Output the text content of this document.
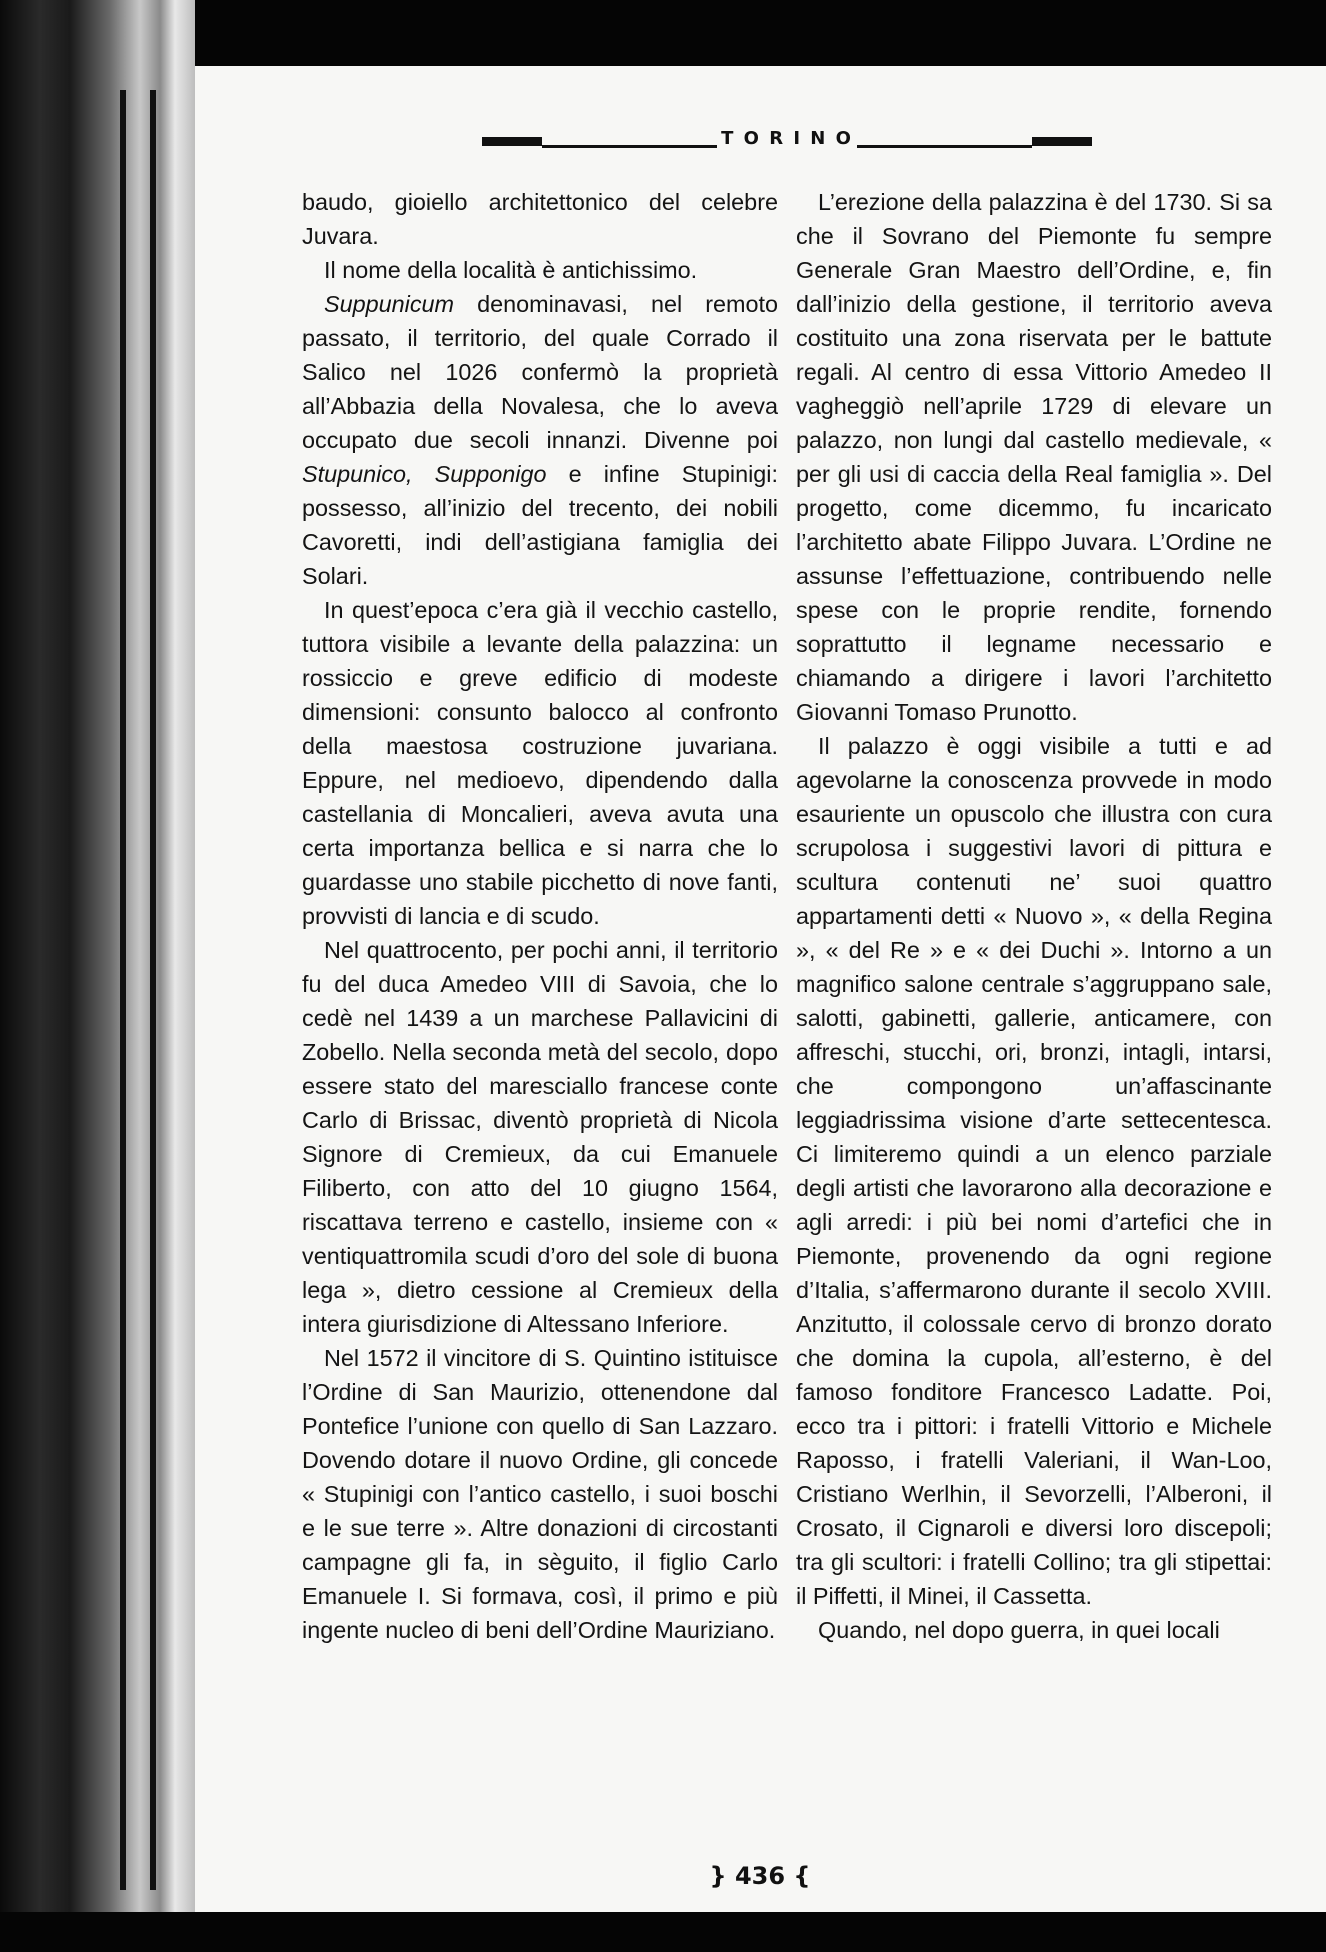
T O R I N O

baudo, gioiello architettonico del celebre Juvara.

Il nome della località è antichissimo.

Suppunicum denominavasi, nel remoto passato, il territorio, del quale Corrado il Salico nel 1026 confermò la proprietà all’Abbazia della Novalesa, che lo aveva occupato due secoli innanzi. Divenne poi Stupunico, Supponigo e infine Stupinigi: possesso, all’inizio del trecento, dei nobili Cavoretti, indi dell’astigiana famiglia dei Solari.

In quest’epoca c’era già il vecchio castello, tuttora visibile a levante della palazzina: un rossiccio e greve edificio di modeste dimensioni: consunto balocco al confronto della maestosa costruzione juvariana. Eppure, nel medioevo, dipendendo dalla castellania di Moncalieri, aveva avuta una certa importanza bellica e si narra che lo guardasse uno stabile picchetto di nove fanti, provvisti di lancia e di scudo.

Nel quattrocento, per pochi anni, il territorio fu del duca Amedeo VIII di Savoia, che lo cedè nel 1439 a un marchese Pallavicini di Zobello. Nella seconda metà del secolo, dopo essere stato del maresciallo francese conte Carlo di Brissac, diventò proprietà di Nicola Signore di Cremieux, da cui Emanuele Filiberto, con atto del 10 giugno 1564, riscattava terreno e castello, insieme con « ventiquattromila scudi d’oro del sole di buona lega », dietro cessione al Cremieux della intera giurisdizione di Altessano Inferiore.

Nel 1572 il vincitore di S. Quintino istituisce l’Ordine di San Maurizio, ottenendone dal Pontefice l’unione con quello di San Lazzaro. Dovendo dotare il nuovo Ordine, gli concede « Stupinigi con l’antico castello, i suoi boschi e le sue terre ». Altre donazioni di circostanti campagne gli fa, in sèguito, il figlio Carlo Emanuele I. Si formava, così, il primo e più ingente nucleo di beni dell’Ordine Mauriziano.

L’erezione della palazzina è del 1730. Si sa che il Sovrano del Piemonte fu sempre Generale Gran Maestro dell’Ordine, e, fin dall’inizio della gestione, il territorio aveva costituito una zona riservata per le battute regali. Al centro di essa Vittorio Amedeo II vagheggiò nell’aprile 1729 di elevare un palazzo, non lungi dal castello medievale, « per gli usi di caccia della Real famiglia ». Del progetto, come dicemmo, fu incaricato l’architetto abate Filippo Juvara. L’Ordine ne assunse l’effettuazione, contribuendo nelle spese con le proprie rendite, fornendo soprattutto il legname necessario e chiamando a dirigere i lavori l’architetto Giovanni Tomaso Prunotto.

Il palazzo è oggi visibile a tutti e ad agevolarne la conoscenza provvede in modo esauriente un opuscolo che illustra con cura scrupolosa i suggestivi lavori di pittura e scultura contenuti ne’ suoi quattro appartamenti detti « Nuovo », « della Regina », « del Re » e « dei Duchi ». Intorno a un magnifico salone centrale s’aggruppano sale, salotti, gabinetti, gallerie, anticamere, con affreschi, stucchi, ori, bronzi, intagli, intarsi, che compongono un’affascinante leggiadrissima visione d’arte settecentesca. Ci limiteremo quindi a un elenco parziale degli artisti che lavorarono alla decorazione e agli arredi: i più bei nomi d’artefici che in Piemonte, provenendo da ogni regione d’Italia, s’affermarono durante il secolo XVIII. Anzitutto, il colossale cervo di bronzo dorato che domina la cupola, all’esterno, è del famoso fonditore Francesco Ladatte. Poi, ecco tra i pittori: i fratelli Vittorio e Michele Raposso, i fratelli Valeriani, il Wan-Loo, Cristiano Werlhin, il Sevorzelli, l’Alberoni, il Crosato, il Cignaroli e diversi loro discepoli; tra gli scultori: i fratelli Collino; tra gli stipettai: il Piffetti, il Minei, il Cassetta.

Quando, nel dopo guerra, in quei locali

} 436 {
